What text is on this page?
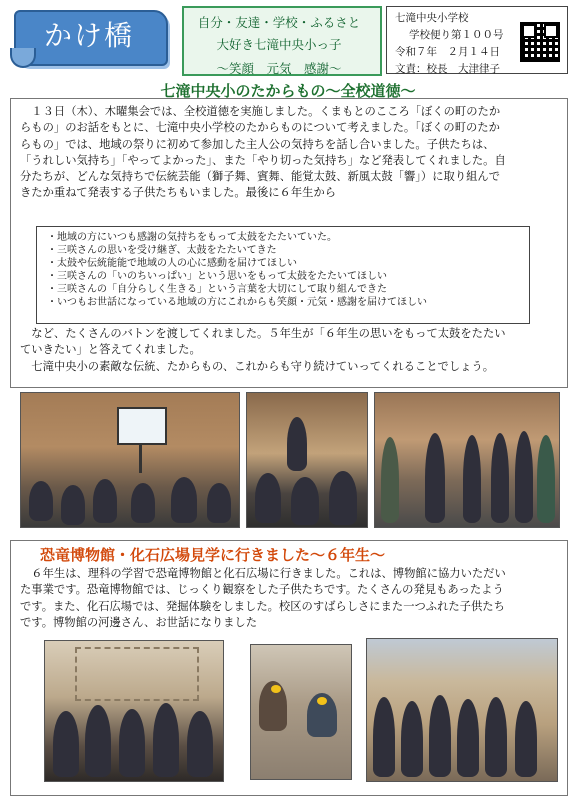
かけ橋	自分・友達・学校・ふるさと
大好き七滝中央小っ子
～笑顔　元気　感謝～
七滝中央小学校
学校便り第１００号
令和７年　２月１４日
文責：校長　大津律子
七滝中央小のたからもの～全校道徳～
　１３日（木）、木曜集会では、全校道徳を実施しました。くまもとのこころ「ぼくの町のたか
らもの」のお話をもとに、七滝中央小学校のたからものについて考えました。「ぼくの町のたか
らもの」では、地域の祭りに初めて参加した主人公の気持ちを話し合いました。子供たちは、
「うれしい気持ち」「やってよかった」、また「やり切った気持ち」など発表してくれました。自
分たちが、どんな気持ちで伝統芸能（獅子舞、賓舞、能覚太鼓、新風太鼓「響」）に取り組んで
きたか重ねて発表する子供たちもいました。最後に６年生から
・地域の方にいつも感謝の気持ちをもって太鼓をたたいていた。
・三咲さんの思いを受け継ぎ、太鼓をたたいてきた
・太鼓や伝統能能で地域の人の心に感動を届けてほしい
・三咲さんの「いのちいっぱい」という思いをもって太鼓をたたいてほしい
・三咲さんの「自分らしく生きる」という言葉を大切にして取り組んできた
・いつもお世話になっている地域の方にこれからも笑顔・元気・感謝を届けてほしい
　など、たくさんのバトンを渡してくれました。５年生が「６年生の思いをもって太鼓をたたい
ていきたい」と答えてくれました。
　七滝中央小の素敵な伝統、たからもの、これからも守り続けていってくれることでしょう。
恐竜博物館・化石広場見学に行きました～６年生～
　６年生は、理科の学習で恐竜博物館と化石広場に行きました。これは、博物館に協力いただい
た事業です。恐竜博物館では、じっくり観察をした子供たちです。たくさんの発見もあったよう
です。また、化石広場では、発掘体験をしました。校区のすばらしさにまた一つふれた子供たち
です。博物館の河邊さん、お世話になりました
